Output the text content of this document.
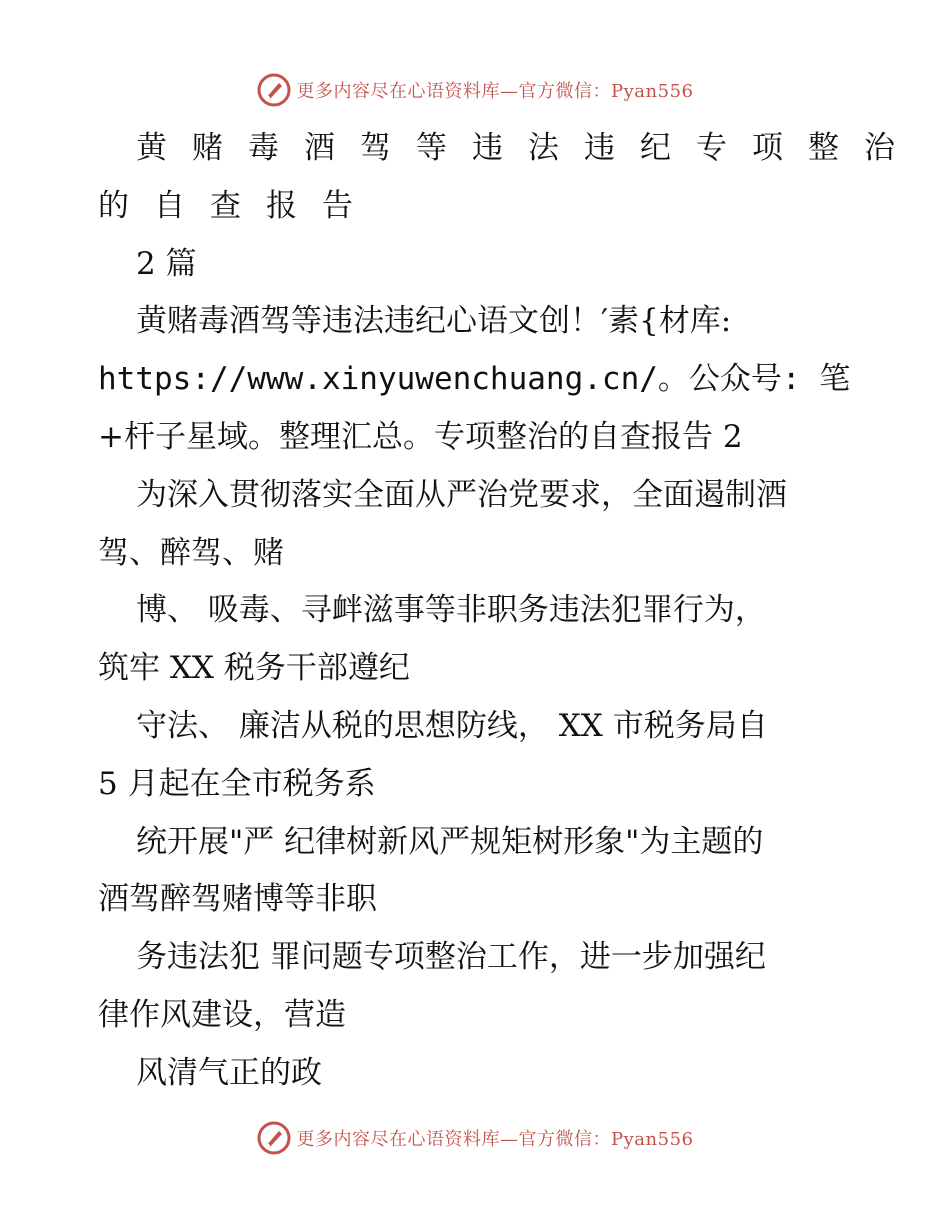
更多内容尽在心语资料库—官方微信：Pyan556
黄赌毒酒驾等违法违纪专项整治
的自查报告
2 篇
黄赌毒酒驾等违法违纪心语文创！′素{材库:
https://www.xinyuwenchuang.cn/。公众号: 笔
+杆子星域。整理汇总。专项整治的自查报告 2
为深入贯彻落实全面从严治党要求，全面遏制酒
驾、醉驾、赌
博、 吸毒、寻衅滋事等非职务违法犯罪行为，
筑牢 XX 税务干部遵纪
守法、 廉洁从税的思想防线， XX 市税务局自
5 月起在全市税务系
统开展"严 纪律树新风严规矩树形象"为主题的
酒驾醉驾赌博等非职
务违法犯 罪问题专项整治工作，进一步加强纪
律作风建设，营造
风清气正的政
更多内容尽在心语资料库—官方微信：Pyan556
